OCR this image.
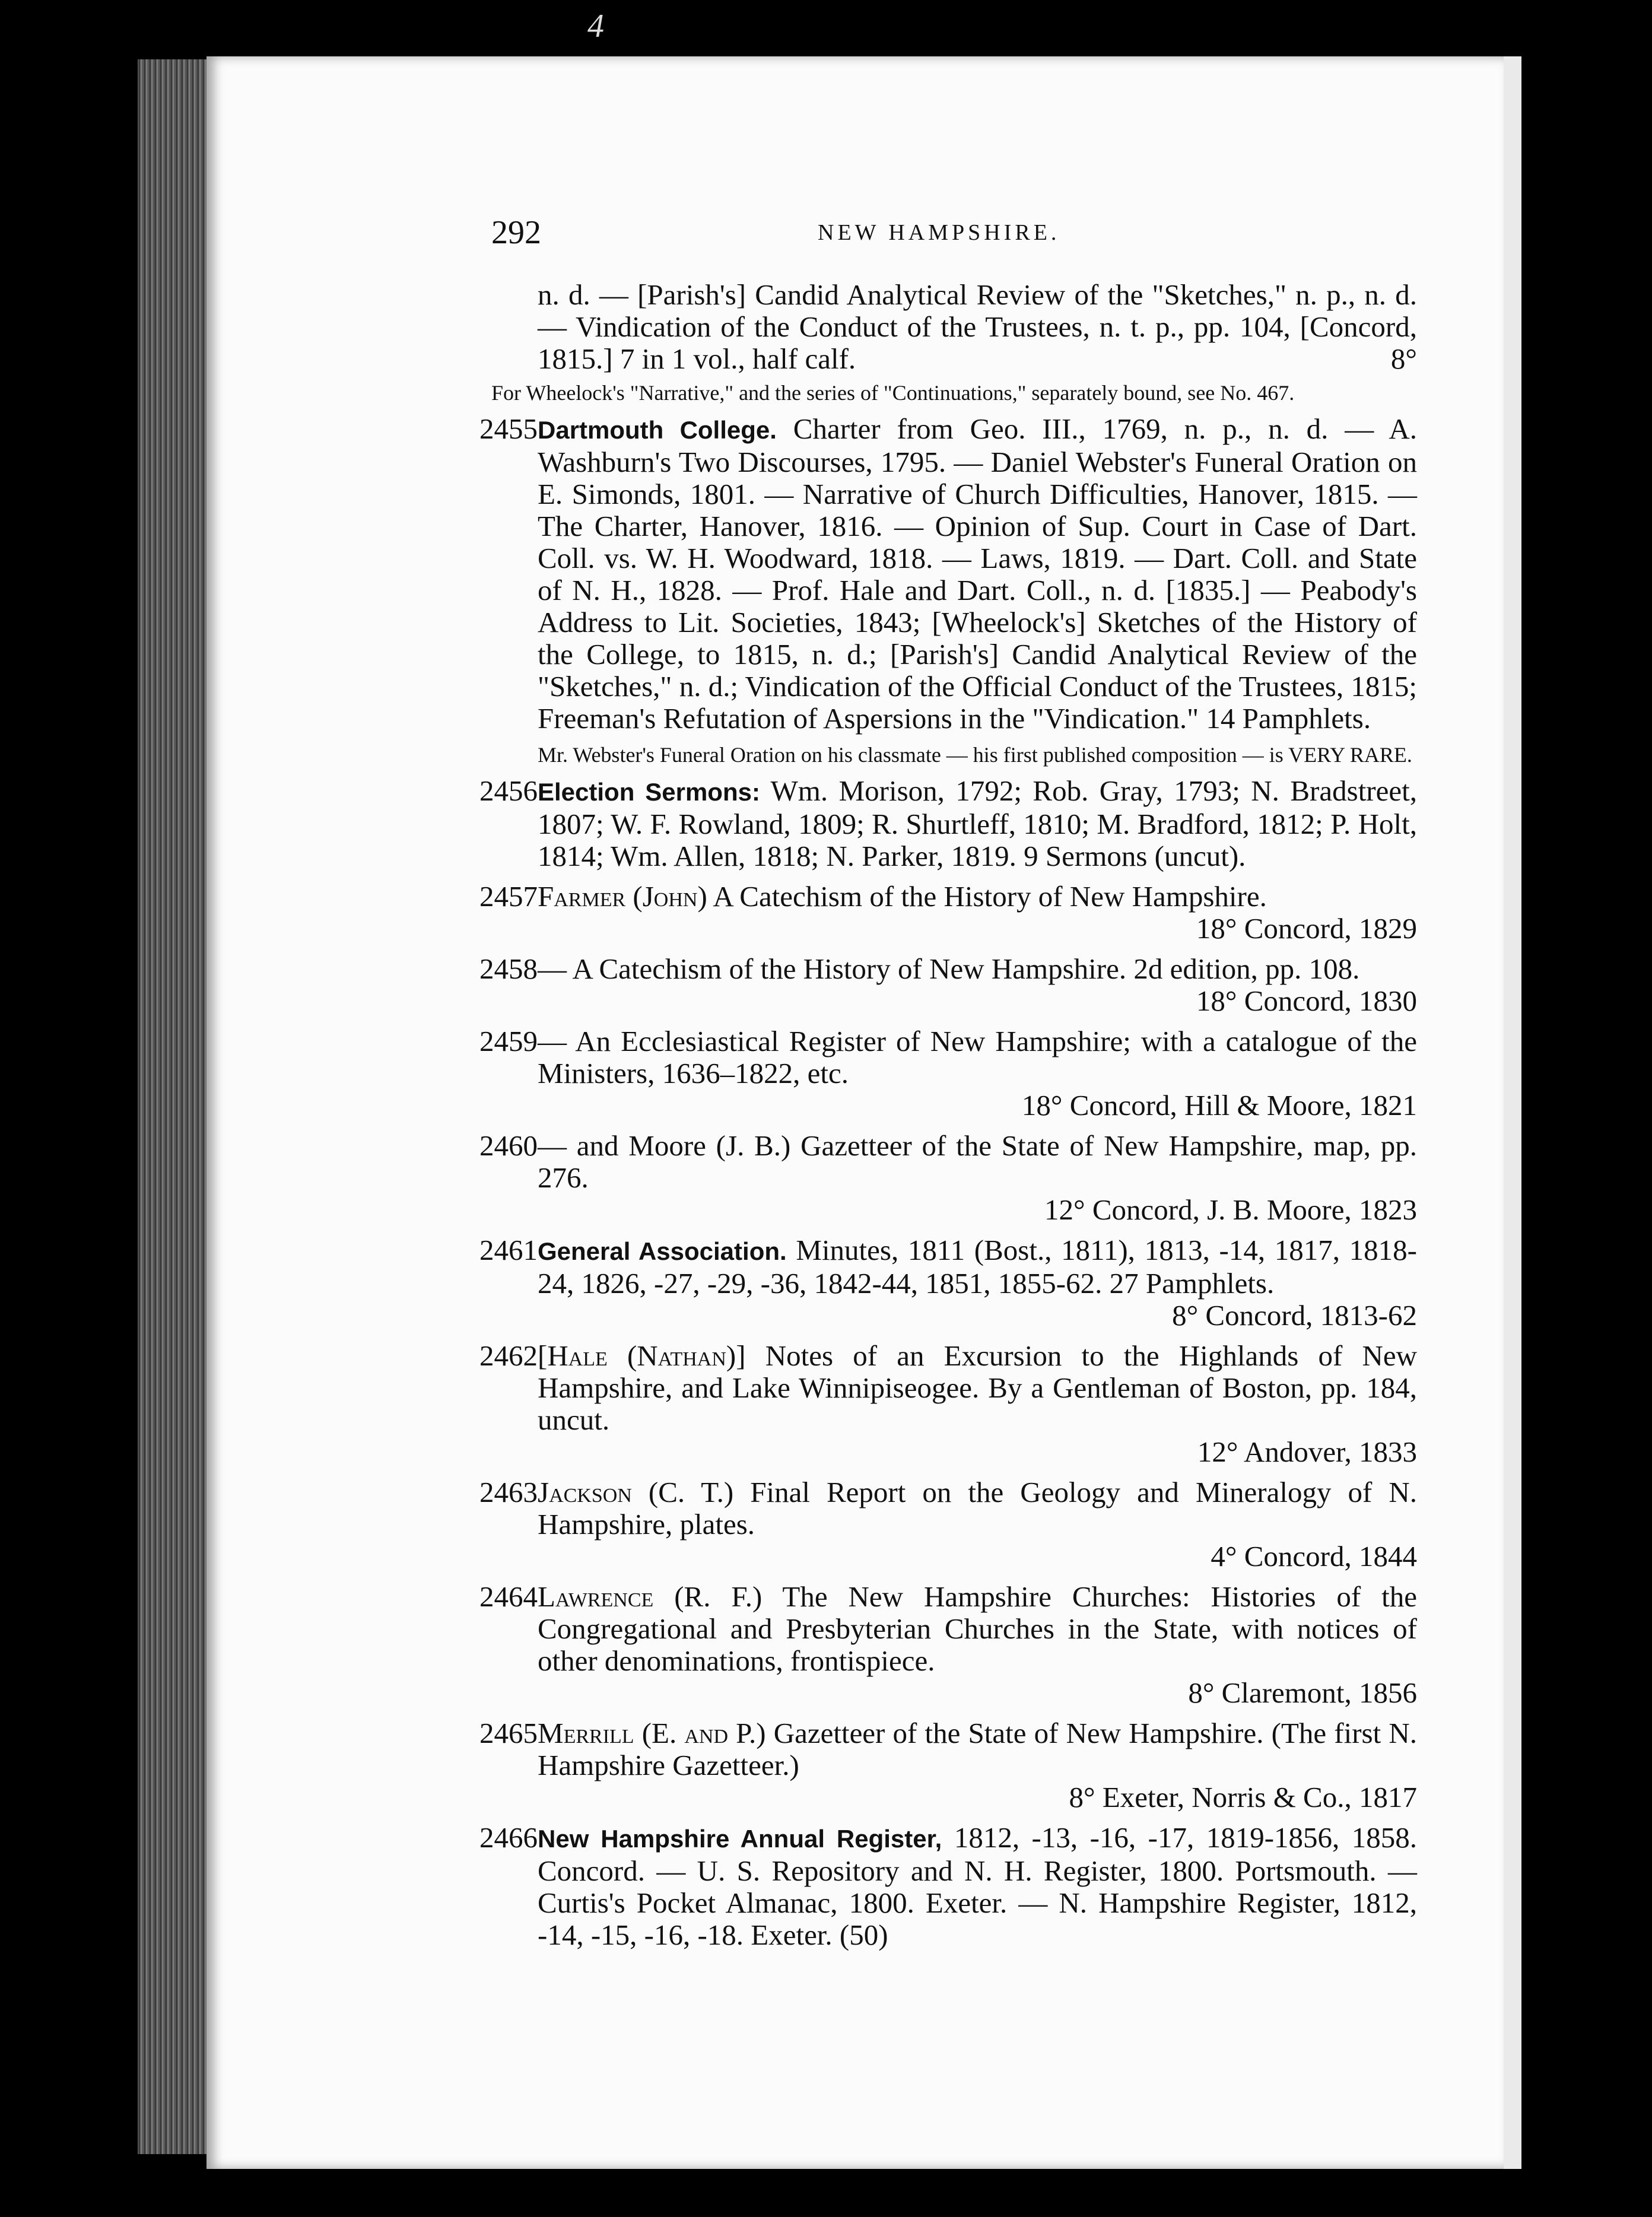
4
292	NEW HAMPSHIRE.
n. d. — [Parish's] Candid Analytical Review of the "Sketches," n. p., n. d. — Vindication of the Conduct of the Trustees, n. t. p., pp. 104, [Concord, 1815.] 7 in 1 vol., half calf.	8°
For Wheelock's "Narrative," and the series of "Continuations," separately bound, see No. 467.
2455 Dartmouth College. Charter from Geo. III., 1769, n. p., n. d. — A. Washburn's Two Discourses, 1795. — Daniel Webster's Funeral Oration on E. Simonds, 1801. — Narrative of Church Difficulties, Hanover, 1815. — The Charter, Hanover, 1816. — Opinion of Sup. Court in Case of Dart. Coll. vs. W. H. Woodward, 1818. — Laws, 1819. — Dart. Coll. and State of N. H., 1828. — Prof. Hale and Dart. Coll., n. d. [1835.] — Peabody's Address to Lit. Societies, 1843; [Wheelock's] Sketches of the History of the College, to 1815, n. d.; [Parish's] Candid Analytical Review of the "Sketches," n. d.; Vindication of the Official Conduct of the Trustees, 1815; Freeman's Refutation of Aspersions in the "Vindication." 14 Pamphlets.
Mr. Webster's Funeral Oration on his classmate — his first published composition — is VERY RARE.
2456 Election Sermons: Wm. Morison, 1792; Rob. Gray, 1793; N. Bradstreet, 1807; W. F. Rowland, 1809; R. Shurtleff, 1810; M. Bradford, 1812; P. Holt, 1814; Wm. Allen, 1818; N. Parker, 1819. 9 Sermons (uncut).
2457 Farmer (John) A Catechism of the History of New Hampshire.
18° Concord, 1829
2458 — A Catechism of the History of New Hampshire. 2d edition, pp. 108.
18° Concord, 1830
2459 — An Ecclesiastical Register of New Hampshire; with a catalogue of the Ministers, 1636–1822, etc.
18° Concord, Hill & Moore, 1821
2460 — and Moore (J. B.) Gazetteer of the State of New Hampshire, map, pp. 276.
12° Concord, J. B. Moore, 1823
2461 General Association. Minutes, 1811 (Bost., 1811), 1813, -14, 1817, 1818-24, 1826, -27, -29, -36, 1842-44, 1851, 1855-62. 27 Pamphlets.
8° Concord, 1813-62
2462 [Hale (Nathan)] Notes of an Excursion to the Highlands of New Hampshire, and Lake Winnipiseogee. By a Gentleman of Boston, pp. 184, uncut.
12° Andover, 1833
2463 Jackson (C. T.) Final Report on the Geology and Mineralogy of N. Hampshire, plates.
4° Concord, 1844
2464 Lawrence (R. F.) The New Hampshire Churches: Histories of the Congregational and Presbyterian Churches in the State, with notices of other denominations, frontispiece.
8° Claremont, 1856
2465 Merrill (E. and P.) Gazetteer of the State of New Hampshire. (The first N. Hampshire Gazetteer.)
8° Exeter, Norris & Co., 1817
2466 New Hampshire Annual Register, 1812, -13, -16, -17, 1819-1856, 1858. Concord. — U. S. Repository and N. H. Register, 1800. Portsmouth. — Curtis's Pocket Almanac, 1800. Exeter. — N. Hampshire Register, 1812, -14, -15, -16, -18. Exeter. (50)
